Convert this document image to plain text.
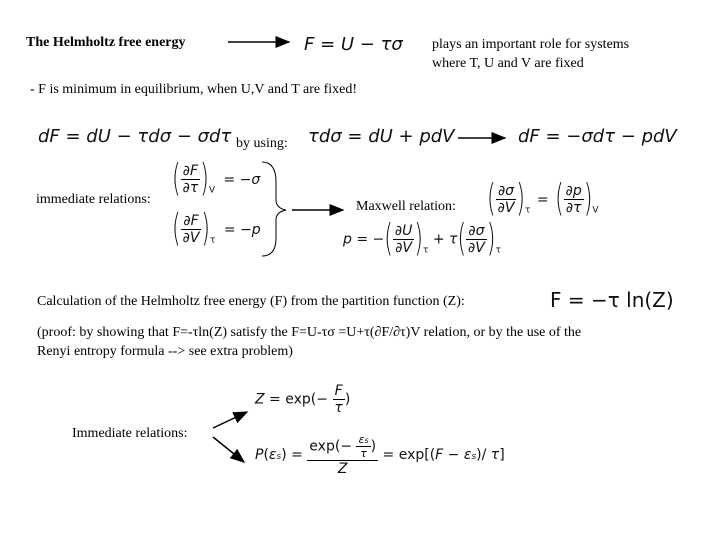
The Helmholtz free energy	F = U − τσ plays an important role for systems
where T, U and V are fixed
- F is minimum in equilibrium, when U,V and T are fixed!
dF = dU − τdσ − σdτ by using: τdσ = dU + pdV	dF = −σdτ − pdV
immediate relations: ( $\frac{\partial F}{\partial\tau} )_V = -\sigma$
( $\frac{\partial F}{\partial V} )_\tau = -p$
Maxwell relation: ( $\frac{\partial\sigma}{\partial V} )_\tau$ = ( $\frac{\partial p}{\partial\tau} )_V$
p = −( $\frac{\partial U}{\partial V} )_\tau + \tau( \frac{\partial\sigma}{\partial V} )_\tau$
Calculation of the Helmholtz free energy (F) from the partition function (Z):	F = −τ ln(Z)
(proof: by showing that F=-τln(Z) satisfy the F=U-τσ =U+τ(∂F/∂τ)V relation, or by the use of the
Renyi entropy formula --> see extra problem)
$Z = \exp(- \frac{F}{\tau}$ )
Immediate relations:
$P(\varepsilon s) = \frac{\exp(- \frac{\varepsilon s}{\tau} )}{Z} = \exp[(F - \varepsilon s)/$ τ]
